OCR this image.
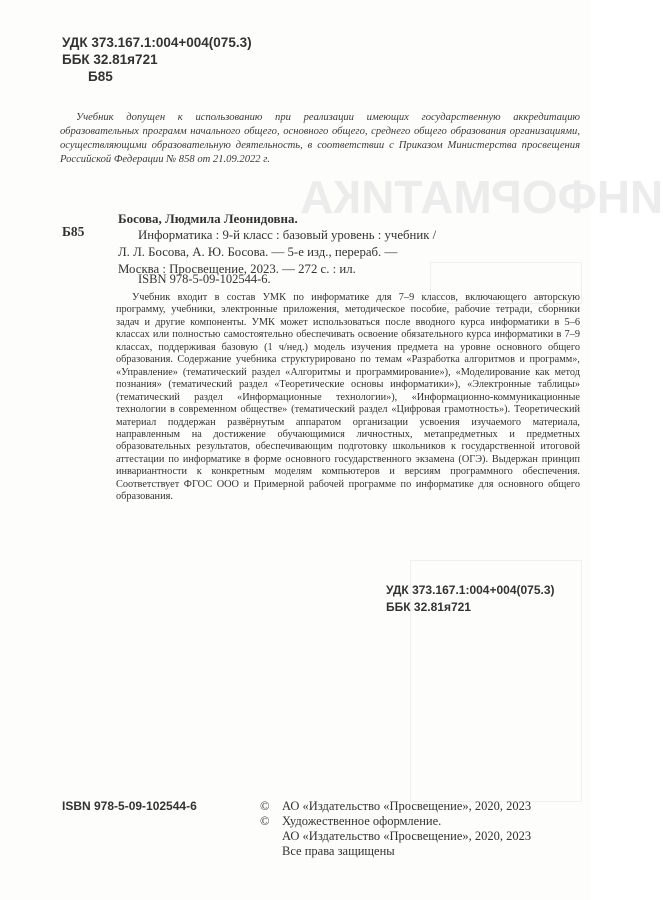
ИНФОРМАТИКА
УДК 373.167.1:004+004(075.3)
ББК 32.81я721
Б85
Учебник допущен к использованию при реализации имеющих государственную аккредитацию образовательных программ начального общего, основного общего, среднего общего образования организациями, осуществляющими образовательную деятельность, в соответствии с Приказом Министерства просвещения Российской Федерации № 858 от 21.09.2022 г.
Б85
Босова, Людмила Леонидовна.
Информатика : 9-й класс : базовый уровень : учебник /
Л. Л. Босова, А. Ю. Босова. — 5-е изд., перераб. —
Москва : Просвещение, 2023. — 272 с. : ил.
ISBN 978-5-09-102544-6.
Учебник входит в состав УМК по информатике для 7–9 классов, включающего авторскую программу, учебники, электронные приложения, методическое пособие, рабочие тетради, сборники задач и другие компоненты. УМК может использоваться после вводного курса информатики в 5–6 классах или полностью самостоятельно обеспечивать освоение обязательного курса информатики в 7–9 классах, поддерживая базовую (1 ч/нед.) модель изучения предмета на уровне основного общего образования. Содержание учебника структурировано по темам «Разработка алгоритмов и программ», «Управление» (тематический раздел «Алгоритмы и программирование»), «Моделирование как метод познания» (тематический раздел «Теоретические основы информатики»), «Электронные таблицы» (тематический раздел «Информационные технологии»), «Информационно-коммуникационные технологии в современном обществе» (тематический раздел «Цифровая грамотность»). Теоретический материал поддержан развёрнутым аппаратом организации усвоения изучаемого материала, направленным на достижение обучающимися личностных, метапредметных и предметных образовательных результатов, обеспечивающим подготовку школьников к государственной итоговой аттестации по информатике в форме основного государственного экзамена (ОГЭ). Выдержан принцип инвариантности к конкретным моделям компьютеров и версиям программного обеспечения. Соответствует ФГОС ООО и Примерной рабочей программе по информатике для основного общего образования.
УДК 373.167.1:004+004(075.3)
ББК 32.81я721
ISBN 978-5-09-102544-6	©	АО «Издательство «Просвещение», 2020, 2023
©	Художественное оформление.
АО «Издательство «Просвещение», 2020, 2023
Все права защищены
